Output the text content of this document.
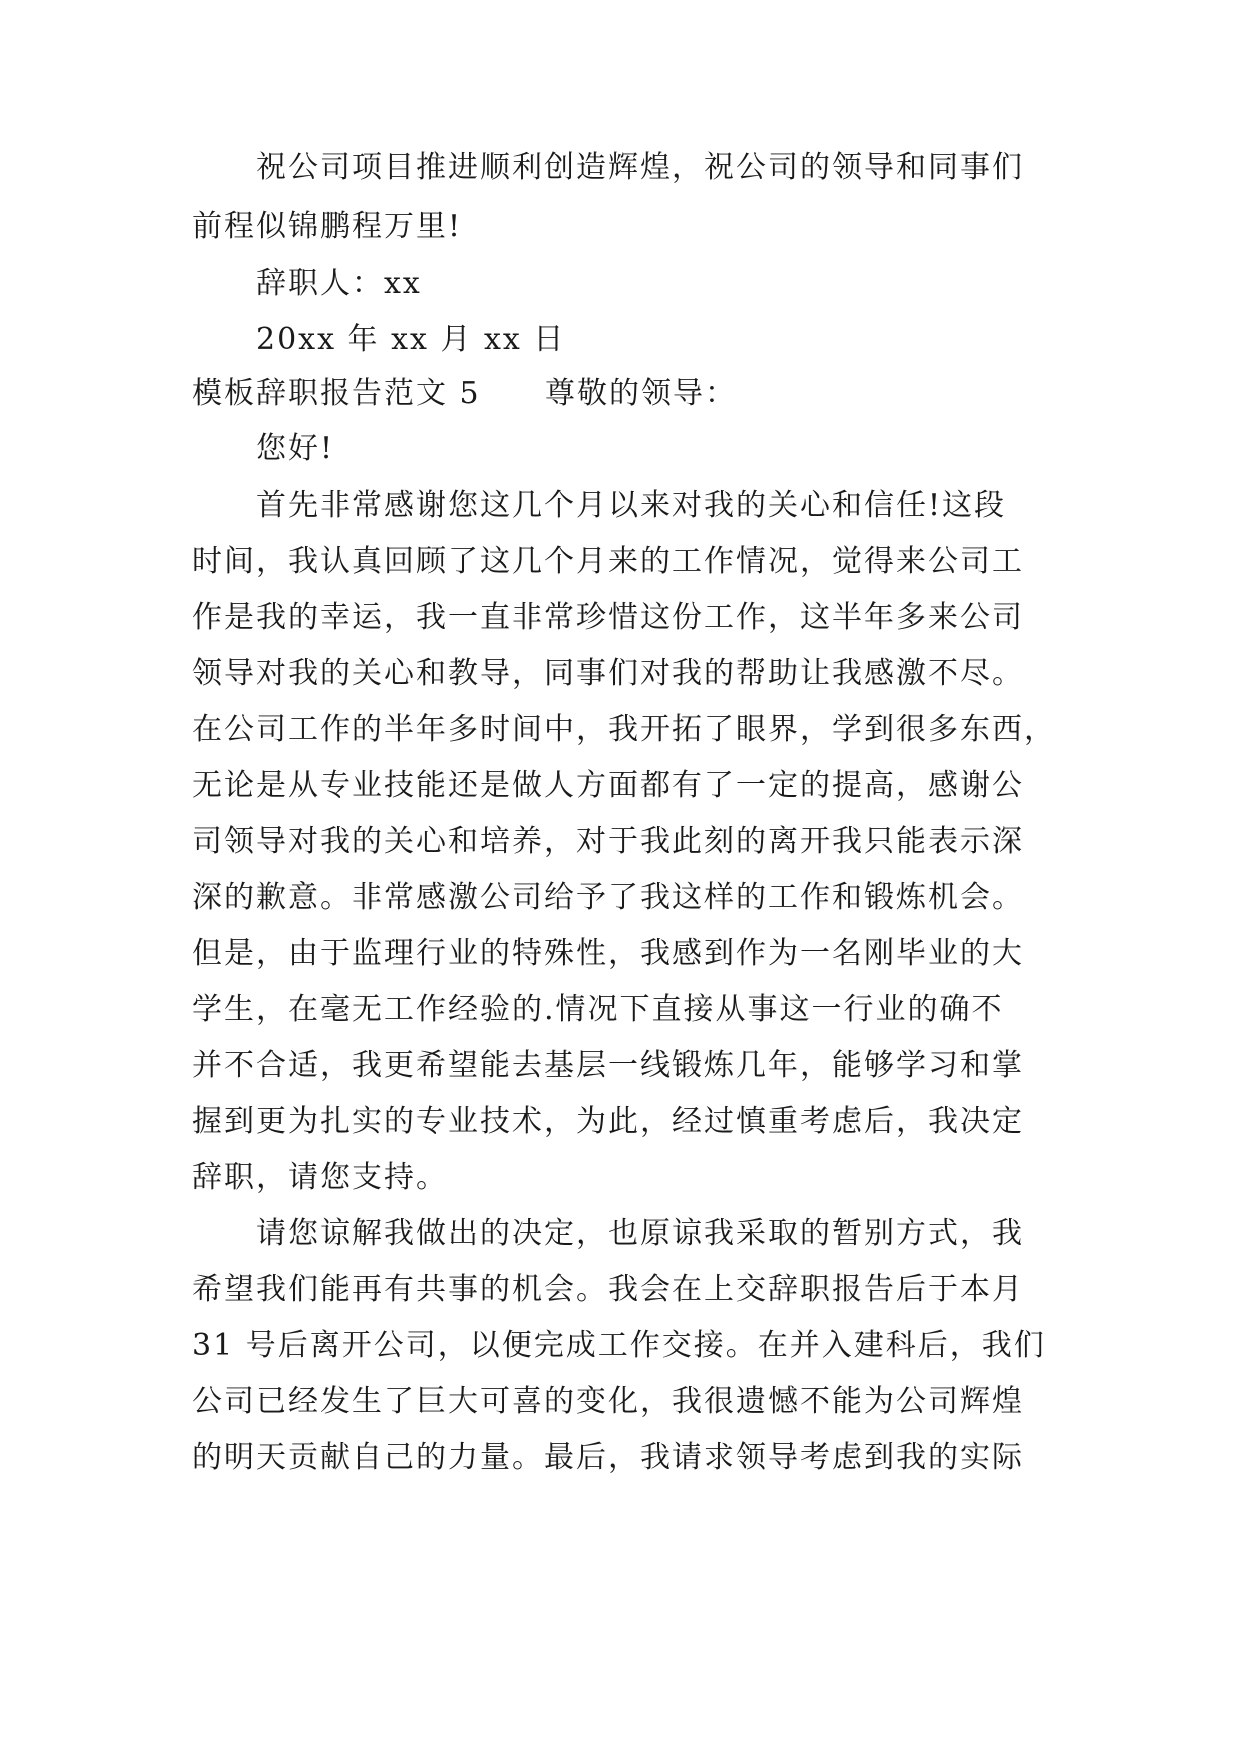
祝公司项目推进顺利创造辉煌，祝公司的领导和同事们
前程似锦鹏程万里!
辞职人：xx
20xx 年 xx 月 xx 日
模板辞职报告范文 5 尊敬的领导：
您好!
首先非常感谢您这几个月以来对我的关心和信任!这段
时间，我认真回顾了这几个月来的工作情况，觉得来公司工
作是我的幸运，我一直非常珍惜这份工作，这半年多来公司
领导对我的关心和教导，同事们对我的帮助让我感激不尽。
在公司工作的半年多时间中，我开拓了眼界，学到很多东西，
无论是从专业技能还是做人方面都有了一定的提高，感谢公
司领导对我的关心和培养，对于我此刻的离开我只能表示深
深的歉意。非常感激公司给予了我这样的工作和锻炼机会。
但是，由于监理行业的特殊性，我感到作为一名刚毕业的大
学生，在毫无工作经验的.情况下直接从事这一行业的确不
并不合适，我更希望能去基层一线锻炼几年，能够学习和掌
握到更为扎实的专业技术，为此，经过慎重考虑后，我决定
辞职，请您支持。
请您谅解我做出的决定，也原谅我采取的暂别方式，我
希望我们能再有共事的机会。我会在上交辞职报告后于本月
31 号后离开公司，以便完成工作交接。在并入建科后，我们
公司已经发生了巨大可喜的变化，我很遗憾不能为公司辉煌
的明天贡献自己的力量。最后，我请求领导考虑到我的实际
